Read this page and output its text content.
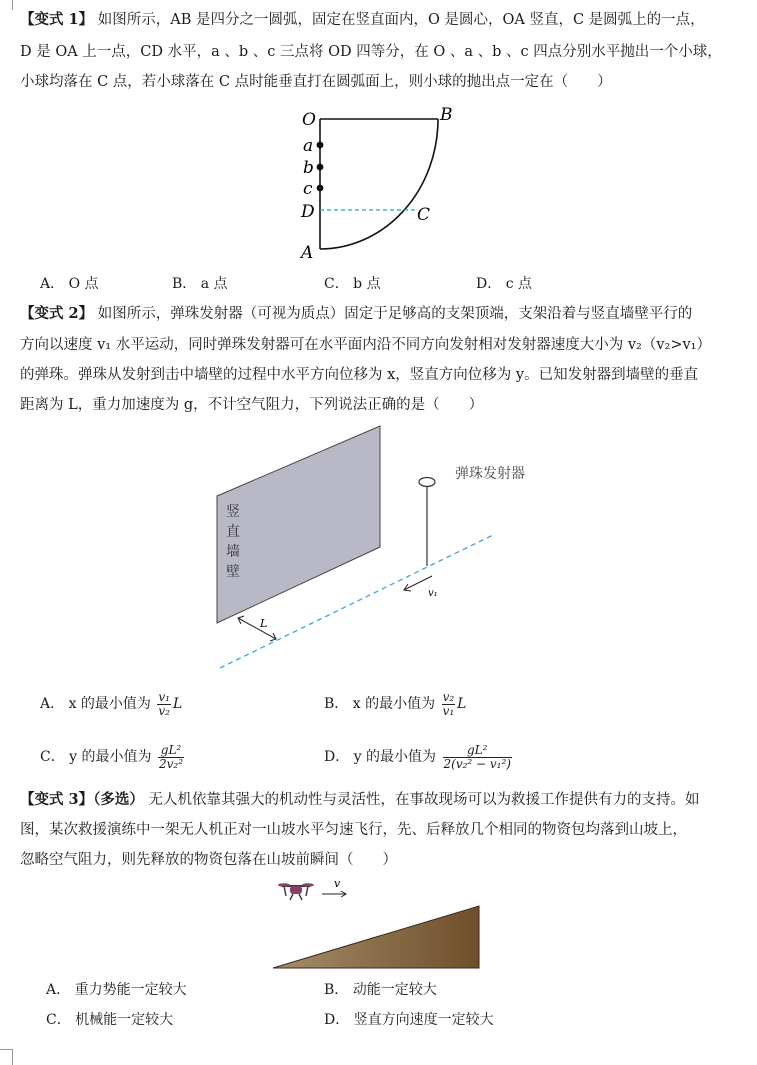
【变式 1】 如图所示，AB 是四分之一圆弧，固定在竖直面内，O 是圆心，OA 竖直，C 是圆弧上的一点，
D 是 OA 上一点，CD 水平，a 、b 、c 三点将 OD 四等分，在 O 、a 、b 、c 四点分别水平抛出一个小球，
小球均落在 C 点，若小球落在 C 点时能垂直打在圆弧面上，则小球的抛出点一定在（　　）
O	B
a
b
c
D	C
A
A． O 点	B． a 点	C． b 点	D． c 点
【变式 2】 如图所示，弹珠发射器（可视为质点）固定于足够高的支架顶端，支架沿着与竖直墙壁平行的
方向以速度 v₁ 水平运动，同时弹珠发射器可在水平面内沿不同方向发射相对发射器速度大小为 v₂（v₂>v₁）
的弹珠。弹珠从发射到击中墙壁的过程中水平方向位移为 x，竖直方向位移为 y。已知发射器到墙壁的垂直
距离为 L，重力加速度为 g，不计空气阻力，下列说法正确的是（　　）
竖
直
墙
壁
弹珠发射器
L
v₁
A． x 的最小值为 $\frac{\text{v₁}}{\text{v₂}}$ L	B． x 的最小值为 $\frac{\text{v₂}}{\text{v₁}}$ L
C． y 的最小值为 $\frac{\text{gL²}}{\text{2v₂²}}$	D． y 的最小值为 $\frac{\text{gL²}}{\text{2(v₂² − v₁²)}}$
【变式 3】（多选） 无人机依靠其强大的机动性与灵活性，在事故现场可以为救援工作提供有力的支持。如
图，某次救援演练中一架无人机正对一山坡水平匀速飞行，先、后释放几个相同的物资包均落到山坡上，
忽略空气阻力，则先释放的物资包落在山坡前瞬间（　　）
v
A． 重力势能一定较大	B． 动能一定较大
C． 机械能一定较大	D． 竖直方向速度一定较大
